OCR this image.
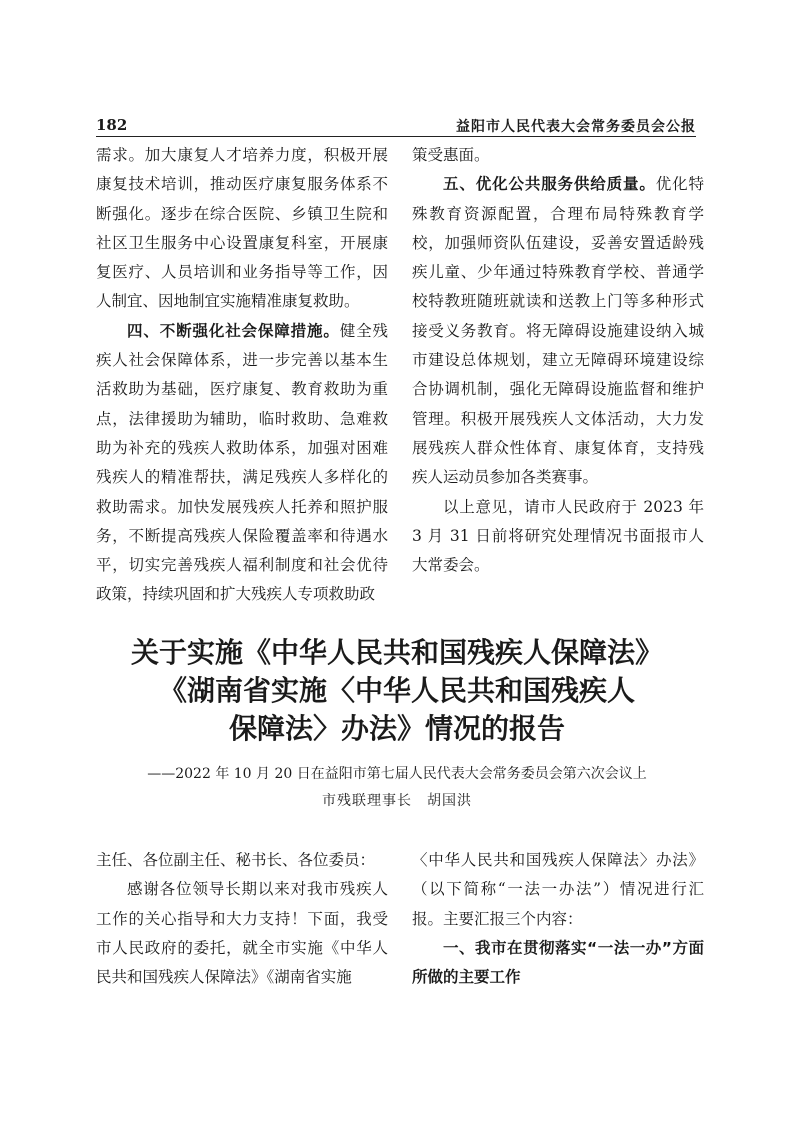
182	益阳市人民代表大会常务委员会公报

需求。加大康复人才培养力度，积极开展康复技术培训，推动医疗康复服务体系不断强化。逐步在综合医院、乡镇卫生院和社区卫生服务中心设置康复科室，开展康复医疗、人员培训和业务指导等工作，因人制宜、因地制宜实施精准康复救助。

四、不断强化社会保障措施。健全残疾人社会保障体系，进一步完善以基本生活救助为基础，医疗康复、教育救助为重点，法律援助为辅助，临时救助、急难救助为补充的残疾人救助体系，加强对困难残疾人的精准帮扶，满足残疾人多样化的救助需求。加快发展残疾人托养和照护服务，不断提高残疾人保险覆盖率和待遇水平，切实完善残疾人福利制度和社会优待政策，持续巩固和扩大残疾人专项救助政

策受惠面。

五、优化公共服务供给质量。优化特殊教育资源配置，合理布局特殊教育学校，加强师资队伍建设，妥善安置适龄残疾儿童、少年通过特殊教育学校、普通学校特教班随班就读和送教上门等多种形式接受义务教育。将无障碍设施建设纳入城市建设总体规划，建立无障碍环境建设综合协调机制，强化无障碍设施监督和维护管理。积极开展残疾人文体活动，大力发展残疾人群众性体育、康复体育，支持残疾人运动员参加各类赛事。

以上意见，请市人民政府于 2023 年 3 月 31 日前将研究处理情况书面报市人大常委会。

关于实施《中华人民共和国残疾人保障法》
《湖南省实施〈中华人民共和国残疾人
保障法〉办法》情况的报告
——2022 年 10 月 20 日在益阳市第七届人民代表大会常务委员会第六次会议上
市残联理事长　胡国洪

主任、各位副主任、秘书长、各位委员：

感谢各位领导长期以来对我市残疾人工作的关心指导和大力支持！下面，我受市人民政府的委托，就全市实施《中华人民共和国残疾人保障法》《湖南省实施

〈中华人民共和国残疾人保障法〉办法》（以下简称“一法一办法”）情况进行汇报。主要汇报三个内容：

一、我市在贯彻落实“一法一办”方面所做的主要工作
